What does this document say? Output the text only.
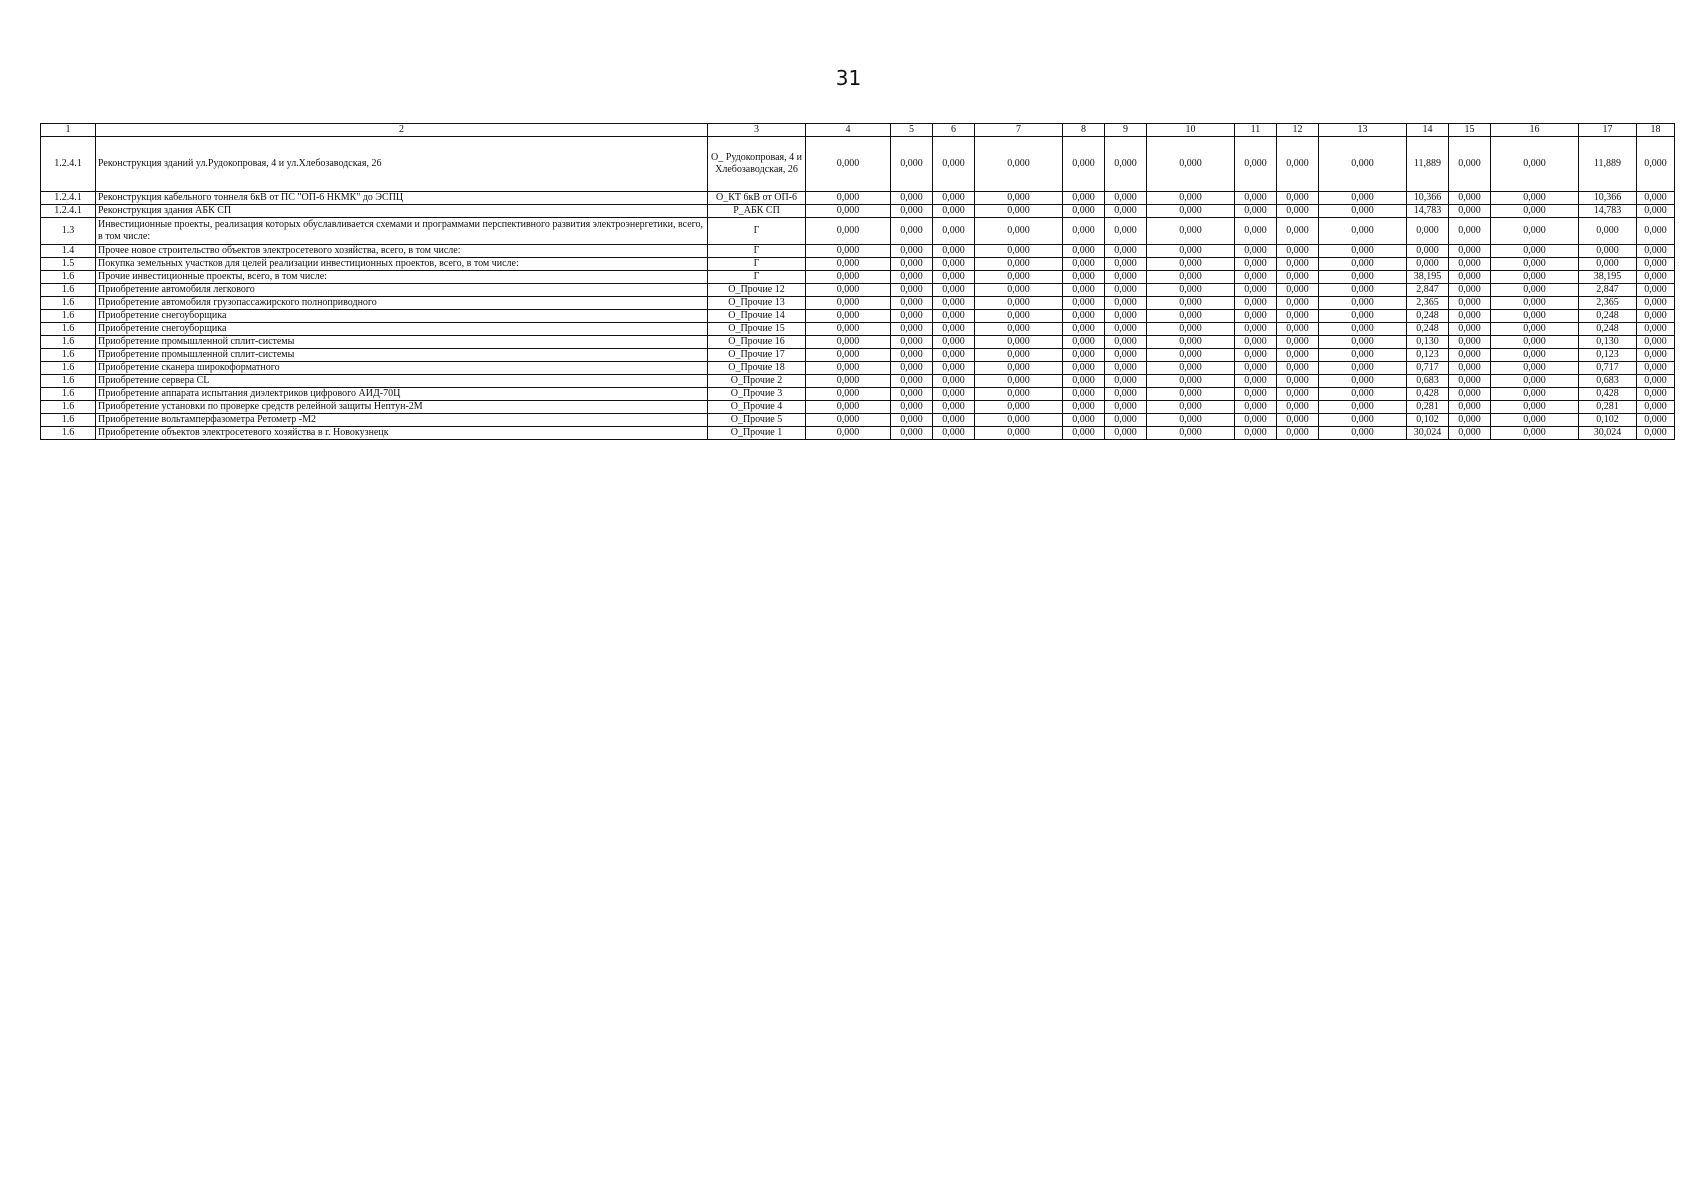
31
1	2	3	4	5	6	7	8	9	10	11	12	13	14	15	16	17	18
1.2.4.1	Реконструкция зданий ул.Рудокопровая, 4 и ул.Хлебозаводская, 26	О_ Рудокопровая, 4 и Хлебозаводская, 26	0,000	0,000	0,000	0,000	0,000	0,000	0,000	0,000	0,000	0,000	11,889	0,000	0,000	11,889	0,000
1.2.4.1	Реконструкция кабельного тоннеля 6кВ от ПС "ОП-6 НКМК" до ЭСПЦ	О_КТ 6кВ от ОП-6	0,000	0,000	0,000	0,000	0,000	0,000	0,000	0,000	0,000	0,000	10,366	0,000	0,000	10,366	0,000
1.2.4.1	Реконструкция здания АБК СП	Р_АБК СП	0,000	0,000	0,000	0,000	0,000	0,000	0,000	0,000	0,000	0,000	14,783	0,000	0,000	14,783	0,000
1.3	Инвестиционные проекты, реализация которых обуславливается схемами и программами перспективного развития электроэнергетики, всего, в том числе:	Г	0,000	0,000	0,000	0,000	0,000	0,000	0,000	0,000	0,000	0,000	0,000	0,000	0,000	0,000	0,000
1.4	Прочее новое строительство объектов электросетевого хозяйства, всего, в том числе:	Г	0,000	0,000	0,000	0,000	0,000	0,000	0,000	0,000	0,000	0,000	0,000	0,000	0,000	0,000	0,000
1.5	Покупка земельных участков для целей реализации инвестиционных проектов, всего, в том числе:	Г	0,000	0,000	0,000	0,000	0,000	0,000	0,000	0,000	0,000	0,000	0,000	0,000	0,000	0,000	0,000
1.6	Прочие инвестиционные проекты, всего, в том числе:	Г	0,000	0,000	0,000	0,000	0,000	0,000	0,000	0,000	0,000	0,000	38,195	0,000	0,000	38,195	0,000
1.6	Приобретение автомобиля легкового	О_Прочие 12	0,000	0,000	0,000	0,000	0,000	0,000	0,000	0,000	0,000	0,000	2,847	0,000	0,000	2,847	0,000
1.6	Приобретение автомобиля грузопассажирского полноприводного	О_Прочие 13	0,000	0,000	0,000	0,000	0,000	0,000	0,000	0,000	0,000	0,000	2,365	0,000	0,000	2,365	0,000
1.6	Приобретение снегоуборщика	О_Прочие 14	0,000	0,000	0,000	0,000	0,000	0,000	0,000	0,000	0,000	0,000	0,248	0,000	0,000	0,248	0,000
1.6	Приобретение снегоуборщика	О_Прочие 15	0,000	0,000	0,000	0,000	0,000	0,000	0,000	0,000	0,000	0,000	0,248	0,000	0,000	0,248	0,000
1.6	Приобретение промышленной сплит-системы	О_Прочие 16	0,000	0,000	0,000	0,000	0,000	0,000	0,000	0,000	0,000	0,000	0,130	0,000	0,000	0,130	0,000
1.6	Приобретение промышленной сплит-системы	О_Прочие 17	0,000	0,000	0,000	0,000	0,000	0,000	0,000	0,000	0,000	0,000	0,123	0,000	0,000	0,123	0,000
1.6	Приобретение сканера широкоформатного	О_Прочие 18	0,000	0,000	0,000	0,000	0,000	0,000	0,000	0,000	0,000	0,000	0,717	0,000	0,000	0,717	0,000
1.6	Приобретение сервера CL	О_Прочие 2	0,000	0,000	0,000	0,000	0,000	0,000	0,000	0,000	0,000	0,000	0,683	0,000	0,000	0,683	0,000
1.6	Приобретение аппарата испытания диэлектриков цифрового АИД-70Ц	О_Прочие 3	0,000	0,000	0,000	0,000	0,000	0,000	0,000	0,000	0,000	0,000	0,428	0,000	0,000	0,428	0,000
1.6	Приобретение установки по проверке средств релейной защиты Нептун-2М	О_Прочие 4	0,000	0,000	0,000	0,000	0,000	0,000	0,000	0,000	0,000	0,000	0,281	0,000	0,000	0,281	0,000
1.6	Приобретение вольтамперфазометра Ретометр -М2	О_Прочие 5	0,000	0,000	0,000	0,000	0,000	0,000	0,000	0,000	0,000	0,000	0,102	0,000	0,000	0,102	0,000
1.6	Приобретение объектов электросетевого хозяйства в г. Новокузнецк	О_Прочие 1	0,000	0,000	0,000	0,000	0,000	0,000	0,000	0,000	0,000	0,000	30,024	0,000	0,000	30,024	0,000
